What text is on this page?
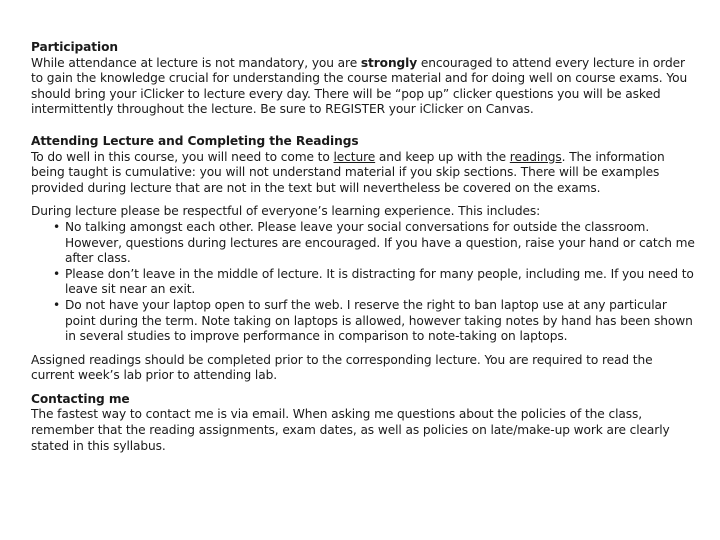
Participation

While attendance at lecture is not mandatory, you are strongly encouraged to attend every lecture in order to gain the knowledge crucial for understanding the course material and for doing well on course exams. You should bring your iClicker to lecture every day. There will be “pop up” clicker questions you will be asked intermittently throughout the lecture. Be sure to REGISTER your iClicker on Canvas.

Attending Lecture and Completing the Readings

To do well in this course, you will need to come to lecture and keep up with the readings. The information being taught is cumulative: you will not understand material if you skip sections. There will be examples provided during lecture that are not in the text but will nevertheless be covered on the exams.

During lecture please be respectful of everyone’s learning experience. This includes:

• No talking amongst each other. Please leave your social conversations for outside the classroom. However, questions during lectures are encouraged. If you have a question, raise your hand or catch me after class.
• Please don’t leave in the middle of lecture. It is distracting for many people, including me. If you need to leave sit near an exit.
• Do not have your laptop open to surf the web. I reserve the right to ban laptop use at any particular point during the term. Note taking on laptops is allowed, however taking notes by hand has been shown in several studies to improve performance in comparison to note-taking on laptops.

Assigned readings should be completed prior to the corresponding lecture. You are required to read the current week’s lab prior to attending lab.

Contacting me

The fastest way to contact me is via email. When asking me questions about the policies of the class, remember that the reading assignments, exam dates, as well as policies on late/make-up work are clearly stated in this syllabus.
